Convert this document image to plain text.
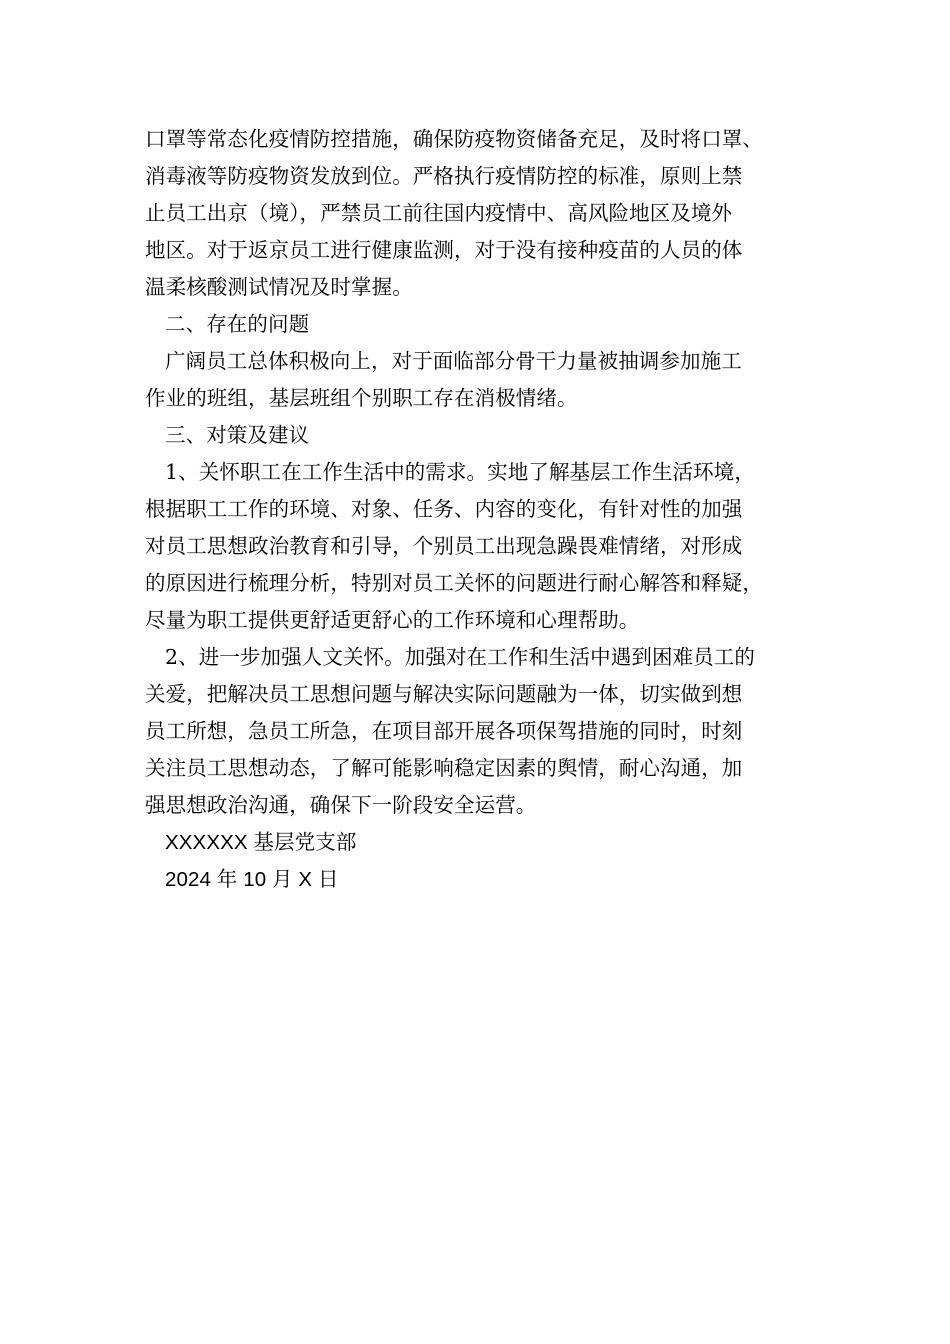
口罩等常态化疫情防控措施，确保防疫物资储备充足，及时将口罩、
消毒液等防疫物资发放到位。严格执行疫情防控的标准，原则上禁
止员工出京（境），严禁员工前往国内疫情中、高风险地区及境外
地区。对于返京员工进行健康监测，对于没有接种疫苗的人员的体
温柔核酸测试情况及时掌握。
二、存在的问题
广阔员工总体积极向上，对于面临部分骨干力量被抽调参加施工
作业的班组，基层班组个别职工存在消极情绪。
三、对策及建议
1、关怀职工在工作生活中的需求。实地了解基层工作生活环境，
根据职工工作的环境、对象、任务、内容的变化，有针对性的加强
对员工思想政治教育和引导，个别员工出现急躁畏难情绪，对形成
的原因进行梳理分析，特别对员工关怀的问题进行耐心解答和释疑，
尽量为职工提供更舒适更舒心的工作环境和心理帮助。
2、进一步加强人文关怀。加强对在工作和生活中遇到困难员工的
关爱，把解决员工思想问题与解决实际问题融为一体，切实做到想
员工所想，急员工所急，在项目部开展各项保驾措施的同时，时刻
关注员工思想动态，了解可能影响稳定因素的舆情，耐心沟通，加
强思想政治沟通，确保下一阶段安全运营。
XXXXXX 基层党支部
2024 年 10 月 X 日
